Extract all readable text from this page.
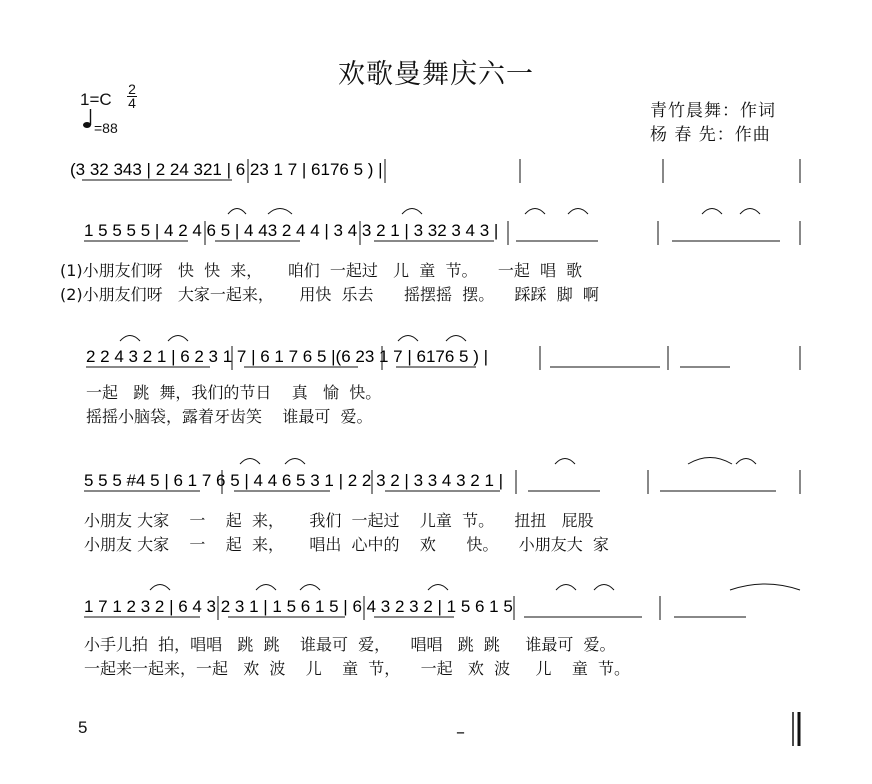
欢歌曼舞庆六一
1=C
2
4
=88
青竹晨舞：作词
杨 春 先：作曲
(3 32 343 | 2 24 321 | 6 23 1 7 | 6176 5 ) |
1 5 5 5 5 | 4 2 4 6 5 | 4 43 2 4 4 | 3 4 3 2 1 | 3 32 3 4 3 |
2 2 4 3 2 1 | 6 2 3 1 7 | 6 1 7 6 5 |(6 23 1 7 | 6176 5 ) |
5 5 5 #4 5 | 6 1 7 6 5 | 4 4 6 5 3 1 | 2 2 3 2 | 3 3 4 3 2 1 |
1 7 1 2 3 2 | 6 4 3 2 3 1 | 1 5 6 1 5 | 6 4 3 2 3 2 | 1 5 6 1 5
(1)小朋友们呀   快  快  来，     咱们  一起过   儿  童  节。    一起  唱  歌
(2)小朋友们呀   大家一起来，     用快  乐去      摇摆摇  摆。    踩踩  脚  啊
一起   跳  舞，我们的节日    真   愉  快。
摇摇小脑袋，露着牙齿笑    谁最可  爱。
小朋友 大家    一    起  来，     我们  一起过    儿童  节。    扭扭   屁股
小朋友 大家    一    起  来，     唱出  心中的    欢      快。    小朋友大  家
小手儿拍  拍，唱唱   跳  跳    谁最可  爱，    唱唱   跳  跳     谁最可  爱。
一起来一起来，一起   欢  波    儿    童  节，    一起   欢  波     儿    童  节。
5	–
